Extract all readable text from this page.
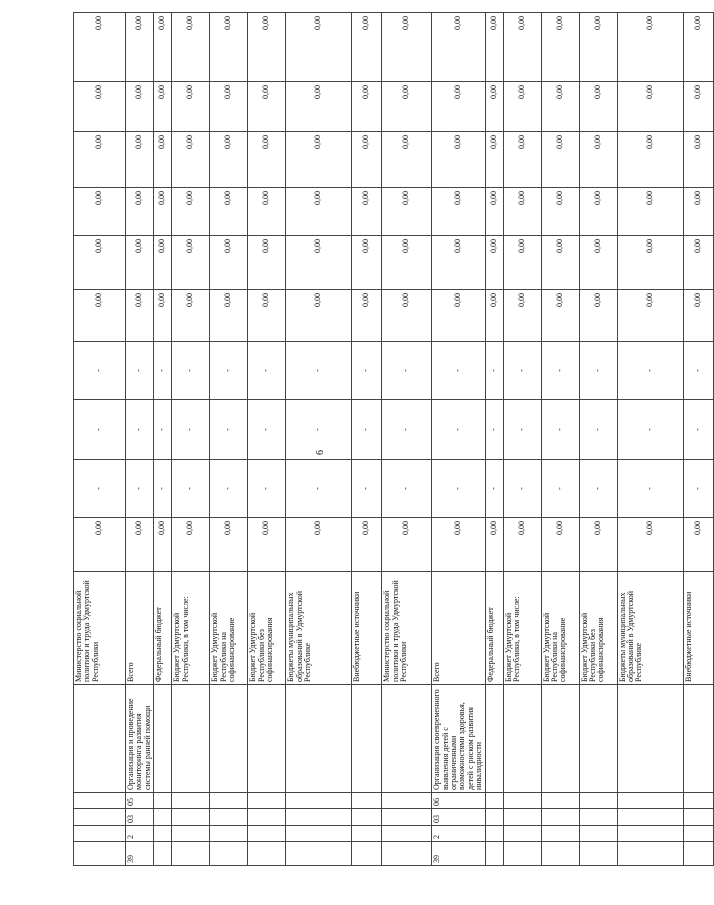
6
					Министерство социальной политики и труда Удмуртской Республики	0,00	-	-	-	0,00	0,00	0,00	0,00	0,00	0,00
39	2	03	05	Организация и проведение мониторинга развития системы ранней помощи	Всего	0,00	-	-	-	0,00	0,00	0,00	0,00	0,00	0,00
					Федеральный бюджет	0,00	-	-	-	0,00	0,00	0,00	0,00	0,00	0,00
					Бюджет Удмуртской Республики, в том числе:	0,00	-	-	-	0,00	0,00	0,00	0,00	0,00	0,00
					Бюджет Удмуртской Республики на софинансирование	0,00	-	-	-	0,00	0,00	0,00	0,00	0,00	0,00
					Бюджет Удмуртской Республики без софинансирования	0,00	-	-	-	0,00	0,00	0,00	0,00	0,00	0,00
					Бюджеты муниципальных образований в Удмуртской Республике	0,00	-	-	-	0,00	0,00	0,00	0,00	0,00	0,00
					Внебюджетные источники	0,00	-	-	-	0,00	0,00	0,00	0,00	0,00	0,00
					Министерство социальной политики и труда Удмуртской Республики	0,00	-	-	-	0,00	0,00	0,00	0,00	0,00	0,00
39	2	03	06	Организация своевременного выявления детей с ограниченными возможностями здоровья, детей с риском развития инвалидности	Всего	0,00	-	-	-	0,00	0,00	0,00	0,00	0,00	0,00
					Федеральный бюджет	0,00	-	-	-	0,00	0,00	0,00	0,00	0,00	0,00
					Бюджет Удмуртской Республики, в том числе:	0,00	-	-	-	0,00	0,00	0,00	0,00	0,00	0,00
					Бюджет Удмуртской Республики на софинансирование	0,00	-	-	-	0,00	0,00	0,00	0,00	0,00	0,00
					Бюджет Удмуртской Республики без софинансирования	0,00	-	-	-	0,00	0,00	0,00	0,00	0,00	0,00
					Бюджеты муниципальных образований в Удмуртской Республике	0,00	-	-	-	0,00	0,00	0,00	0,00	0,00	0,00
					Внебюджетные источники	0,00	-	-	-	0,00	0,00	0,00	0,00	0,00	0,00
